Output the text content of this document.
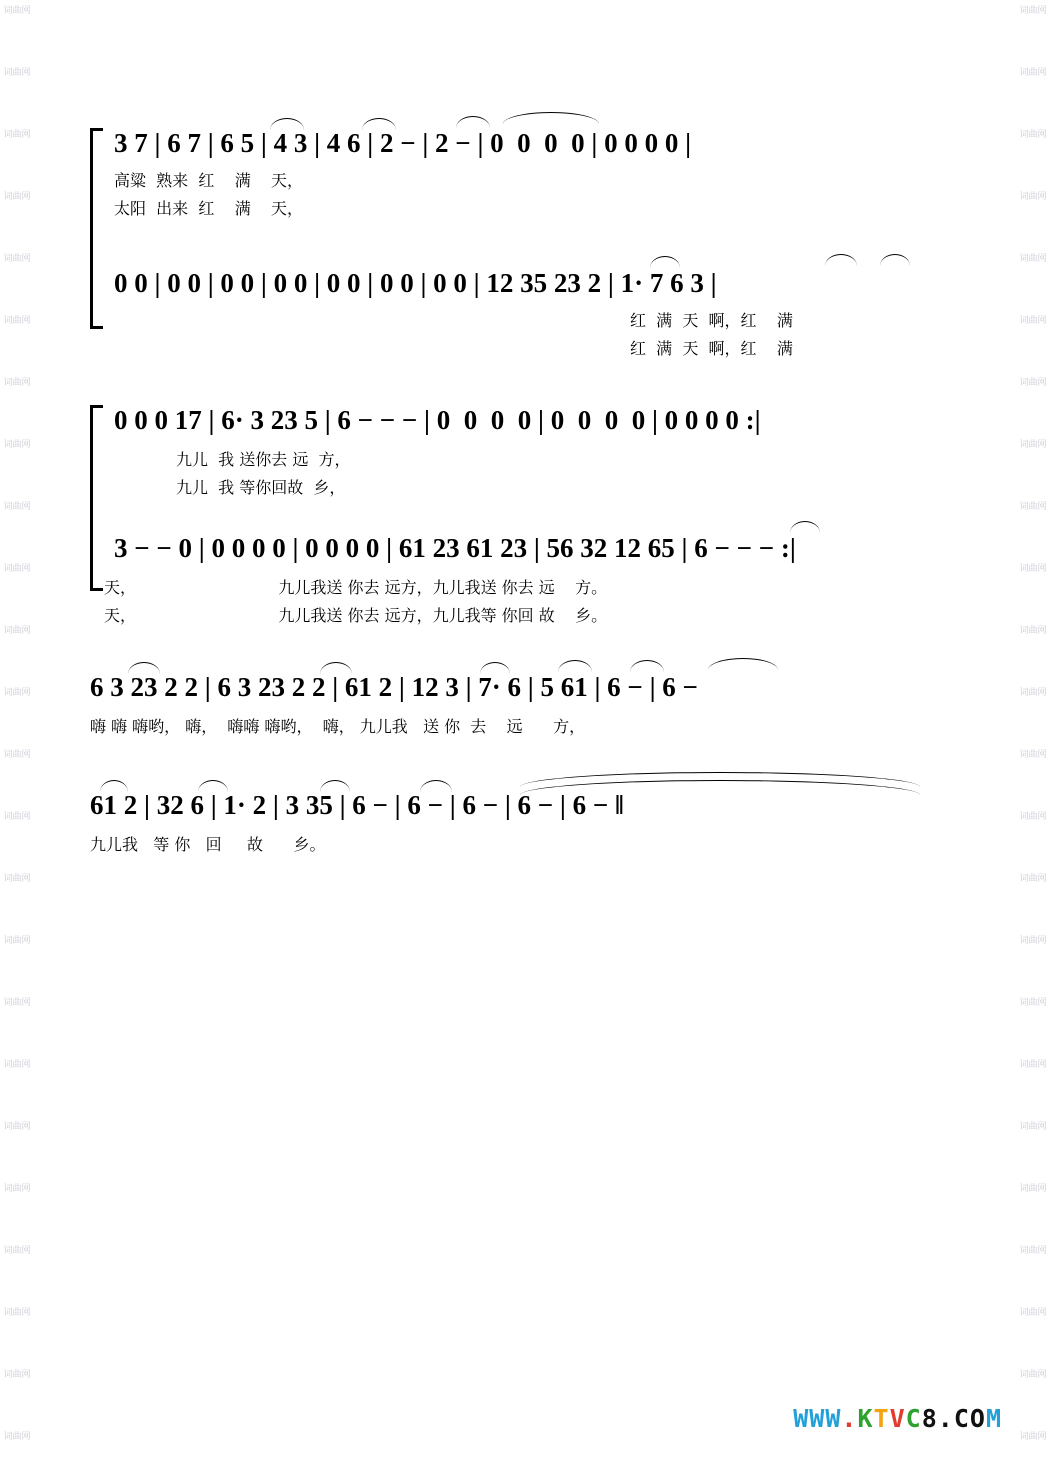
词曲网
词曲网
词曲网
词曲网
词曲网
词曲网
词曲网
词曲网
词曲网
词曲网
词曲网
词曲网
词曲网
词曲网
词曲网
词曲网
词曲网
词曲网
词曲网
词曲网
词曲网
词曲网
词曲网
词曲网
词曲网
词曲网
词曲网
词曲网
词曲网
词曲网
词曲网
词曲网
词曲网
词曲网
词曲网
词曲网
词曲网
词曲网
词曲网
词曲网
词曲网
词曲网
词曲网
词曲网
词曲网
词曲网
词曲网
词曲网
3 7 | 6 7 | 6 5 | 4 3 | 4 6 | 2 − | 2 − | 0  0  0  0 | 0 0 0 0 |
高粱  熟来  红    满    天，
太阳  出来  红    满    天，
0 0 | 0 0 | 0 0 | 0 0 | 0 0 | 0 0 | 0 0 | 12 35 23 2 | 1· 7 6 3 |
红  满  天  啊，红    满
红  满  天  啊，红    满
0 0 0 17 | 6· 3 23 5 | 6 − − − | 0  0  0  0 | 0  0  0  0 | 0 0 0 0 :|
九儿  我 送你去 远  方，
九儿  我 等你回故  乡，
3 − − 0 | 0 0 0 0 | 0 0 0 0 | 61 23 61 23 | 56 32 12 65 | 6 − − − :|
天，                            九儿我送 你去 远方，九儿我送 你去 远    方。
天，                            九儿我送 你去 远方，九儿我等 你回 故    乡。
6 3 23 2 2 | 6 3 23 2 2 | 61 2 | 12 3 | 7· 6 | 5 61 | 6 − | 6 −
嗨 嗨 嗨哟， 嗨，  嗨嗨 嗨哟，  嗨， 九儿我   送 你  去    远      方，
61 2 | 32 6 | 1· 2 | 3 35 | 6 − | 6 − | 6 − | 6 − | 6 − ‖
九儿我   等 你   回     故      乡。
WWW.KTVC8.COM
